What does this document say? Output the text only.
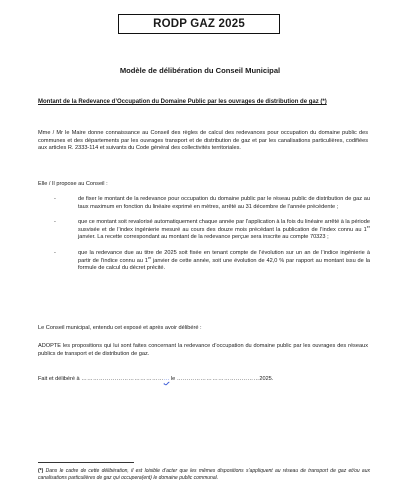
RODP GAZ 2025
Modèle de délibération du Conseil Municipal
Montant de la Redevance d’Occupation du Domaine Public par les ouvrages de distribution de gaz (*)
Mme / Mr le Maire donne connaissance au Conseil des règles de calcul des redevances pour occupation du domaine public des communes et des départements par les ouvrages transport et de distribution de gaz et par les canalisations particulières, codifiées aux articles R. 2333-114 et suivants du Code général des collectivités territoriales.
Elle / Il propose au Conseil :
-	de fixer le montant de la redevance pour occupation du domaine public par le réseau public de distribution de gaz au taux maximum en fonction du linéaire exprimé en mètres, arrêté au 31 décembre de l’année précédente ;
-	que ce montant soit revalorisé automatiquement chaque année par l’application à la fois du linéaire arrêté à la période susvisée et de l’index ingénierie mesuré au cours des douze mois précédant la publication de l’index connu au 1er janvier. La recette correspondant au montant de la redevance perçue sera inscrite au compte 70323 ;
-	que la redevance due au titre de 2025 soit fixée en tenant compte de l’évolution sur un an de l’indice ingénierie à partir de l’indice connu au 1er janvier de cette année, soit une évolution de 42,0 % par rapport au montant issu de la formule de calcul du décret précité.
Le Conseil municipal, entendu cet exposé et après avoir délibéré :
ADOPTE les propositions qui lui sont faites concernant la redevance d’occupation du domaine public par les ouvrages des réseaux publics de transport et de distribution de gaz.
Fait et délibéré à ……………………………………… le ……………………………………2025.
(*) Dans le cadre de cette délibération, il est loisible d’acter que les mêmes dispositions s’appliquent au réseau de transport de gaz et/ou aux canalisations particulières de gaz qui occupera(ent) le domaine public communal.
